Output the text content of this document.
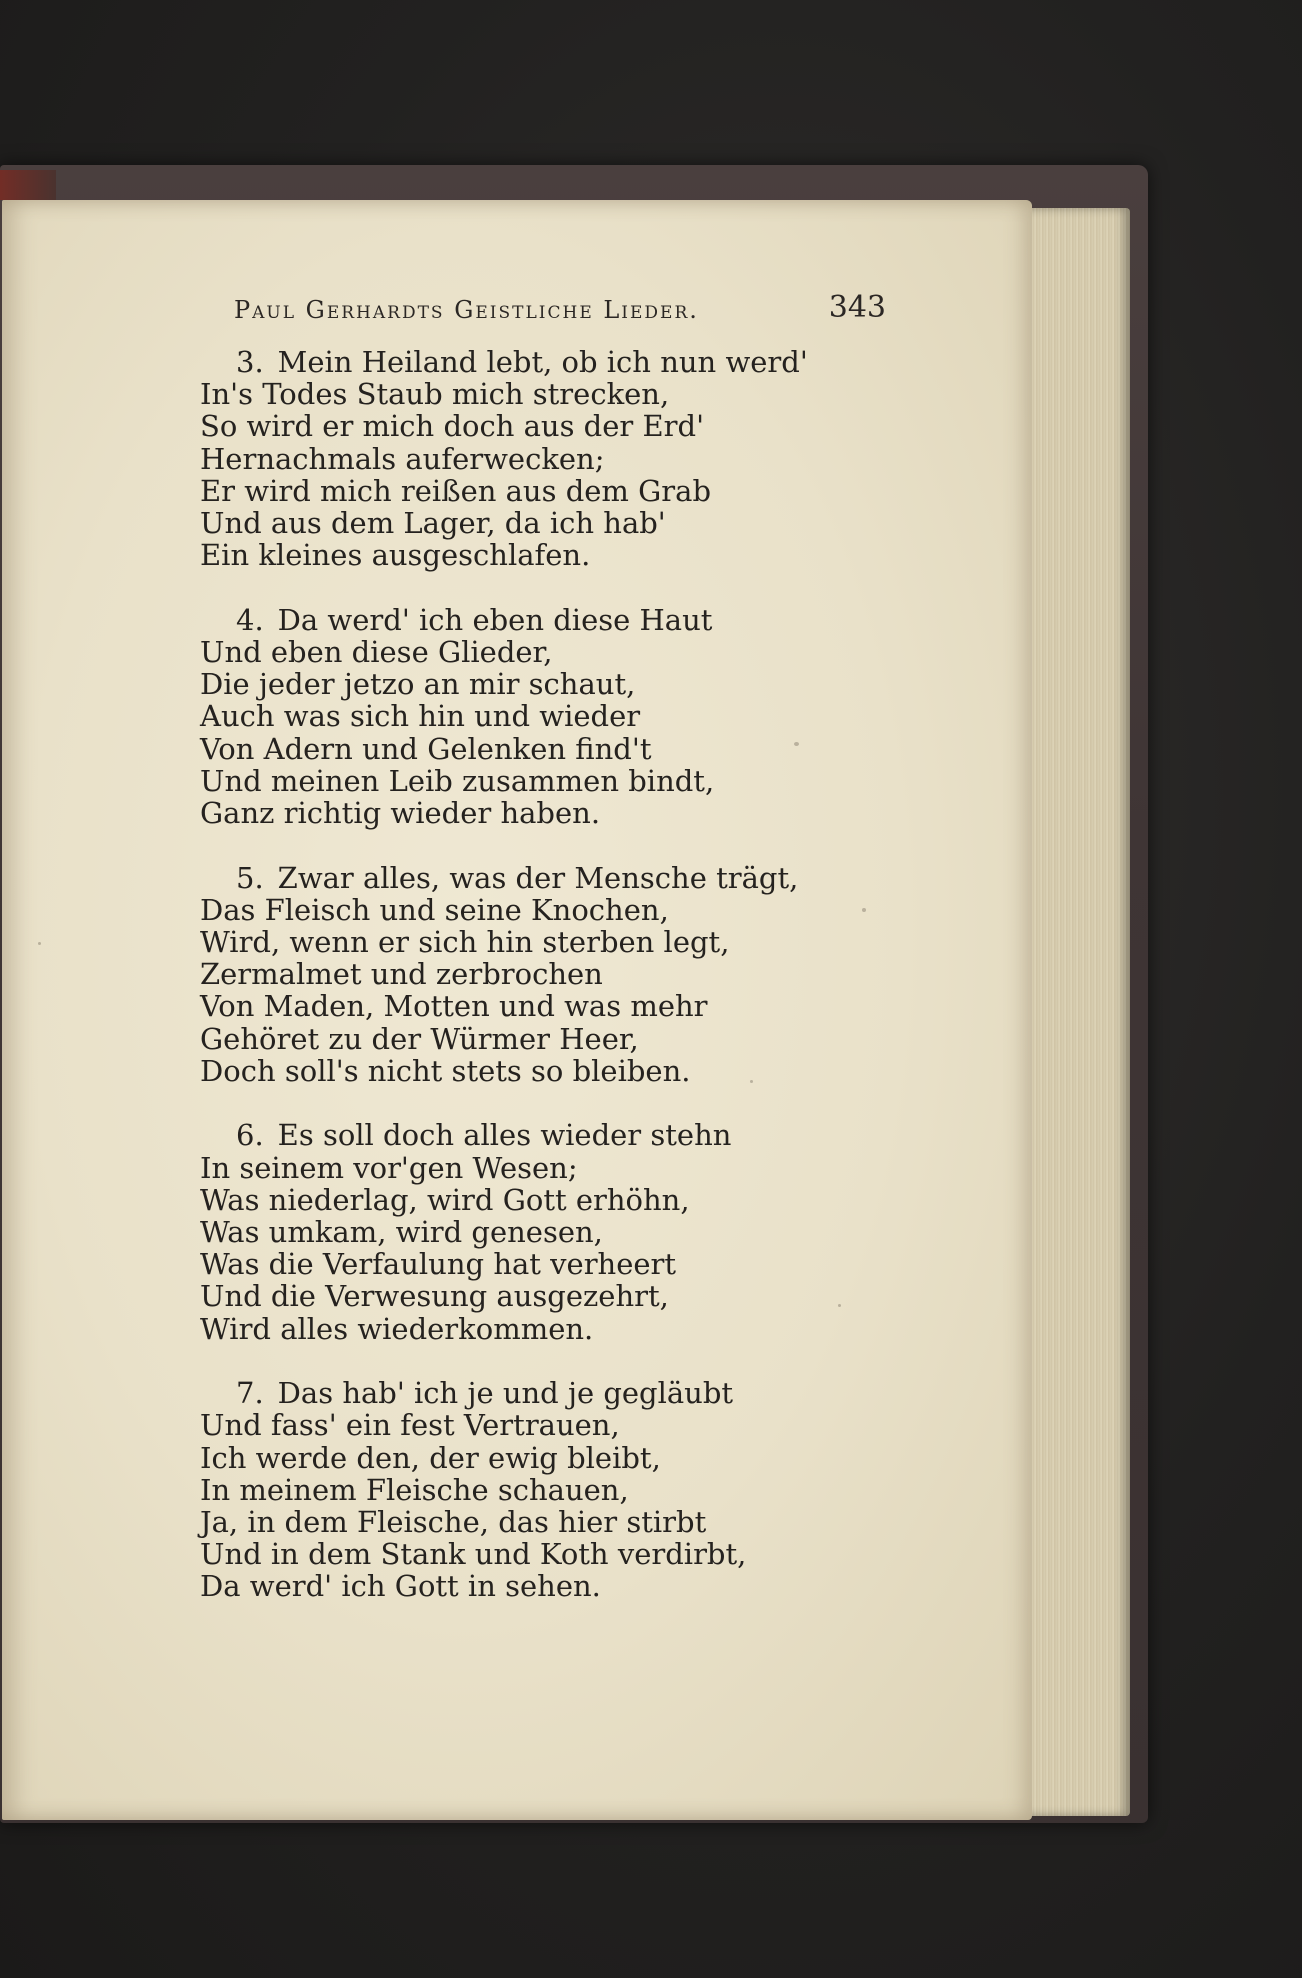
Paul Gerhardts Geistliche Lieder.	343
3. Mein Heiland lebt, ob ich nun werd'
In's Todes Staub mich strecken,
So wird er mich doch aus der Erd'
Hernachmals auferwecken;
Er wird mich reißen aus dem Grab
Und aus dem Lager, da ich hab'
Ein kleines ausgeschlafen.
4. Da werd' ich eben diese Haut
Und eben diese Glieder,
Die jeder jetzo an mir schaut,
Auch was sich hin und wieder
Von Adern und Gelenken find't
Und meinen Leib zusammen bindt,
Ganz richtig wieder haben.
5. Zwar alles, was der Mensche trägt,
Das Fleisch und seine Knochen,
Wird, wenn er sich hin sterben legt,
Zermalmet und zerbrochen
Von Maden, Motten und was mehr
Gehöret zu der Würmer Heer,
Doch soll's nicht stets so bleiben.
6. Es soll doch alles wieder stehn
In seinem vor'gen Wesen;
Was niederlag, wird Gott erhöhn,
Was umkam, wird genesen,
Was die Verfaulung hat verheert
Und die Verwesung ausgezehrt,
Wird alles wiederkommen.
7. Das hab' ich je und je gegläubt
Und fass' ein fest Vertrauen,
Ich werde den, der ewig bleibt,
In meinem Fleische schauen,
Ja, in dem Fleische, das hier stirbt
Und in dem Stank und Koth verdirbt,
Da werd' ich Gott in sehen.
